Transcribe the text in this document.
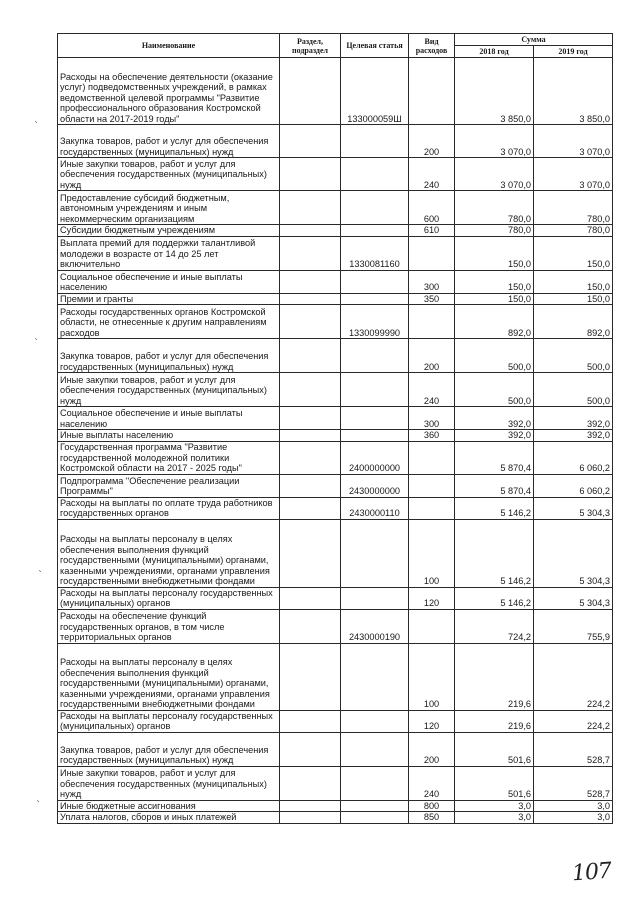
Наименование	Раздел, подраздел	Целевая статья	Вид расходов	Сумма	
				2018 год	2019 год
Расходы на обеспечение деятельности (оказание услуг) подведомственных учреждений, в рамках ведомственной целевой программы "Развитие профессионального образования Костромской области на 2017-2019 годы"		133000059Ш		3 850,0	3 850,0
Закупка товаров, работ и услуг для обеспечения государственных (муниципальных) нужд			200	3 070,0	3 070,0
Иные закупки товаров, работ и услуг для обеспечения государственных (муниципальных) нужд			240	3 070,0	3 070,0
Предоставление субсидий бюджетным, автономным учреждениям и иным некоммерческим организациям			600	780,0	780,0
Субсидии бюджетным учреждениям			610	780,0	780,0
Выплата премий для поддержки талантливой молодежи в возрасте от 14 до 25 лет включительно		1330081160		150,0	150,0
Социальное обеспечение и иные выплаты населению			300	150,0	150,0
Премии и гранты			350	150,0	150,0
Расходы государственных органов Костромской области, не отнесенные к другим направлениям расходов		1330099990		892,0	892,0
Закупка товаров, работ и услуг для обеспечения государственных (муниципальных) нужд			200	500,0	500,0
Иные закупки товаров, работ и услуг для обеспечения государственных (муниципальных) нужд			240	500,0	500,0
Социальное обеспечение и иные выплаты населению			300	392,0	392,0
Иные выплаты населению			360	392,0	392,0
Государственная программа "Развитие государственной молодежной политики Костромской области на 2017 - 2025 годы"		2400000000		5 870,4	6 060,2
Подпрограмма "Обеспечение реализации Программы"		2430000000		5 870,4	6 060,2
Расходы на выплаты по оплате труда работников государственных органов		2430000110		5 146,2	5 304,3
Расходы на выплаты персоналу в целях обеспечения выполнения функций государственными (муниципальными) органами, казенными учреждениями, органами управления государственными внебюджетными фондами			100	5 146,2	5 304,3
Расходы на выплаты персоналу государственных (муниципальных) органов			120	5 146,2	5 304,3
Расходы на обеспечение функций государственных органов, в том числе территориальных органов		2430000190		724,2	755,9
Расходы на выплаты персоналу в целях обеспечения выполнения функций государственными (муниципальными) органами, казенными учреждениями, органами управления государственными внебюджетными фондами			100	219,6	224,2
Расходы на выплаты персоналу государственных (муниципальных) органов			120	219,6	224,2
Закупка товаров, работ и услуг для обеспечения государственных (муниципальных) нужд			200	501,6	528,7
Иные закупки товаров, работ и услуг для обеспечения государственных (муниципальных) нужд			240	501,6	528,7
Иные бюджетные ассигнования			800	3,0	3,0
Уплата налогов, сборов и иных платежей			850	3,0	3,0
`
`
`
`
107
